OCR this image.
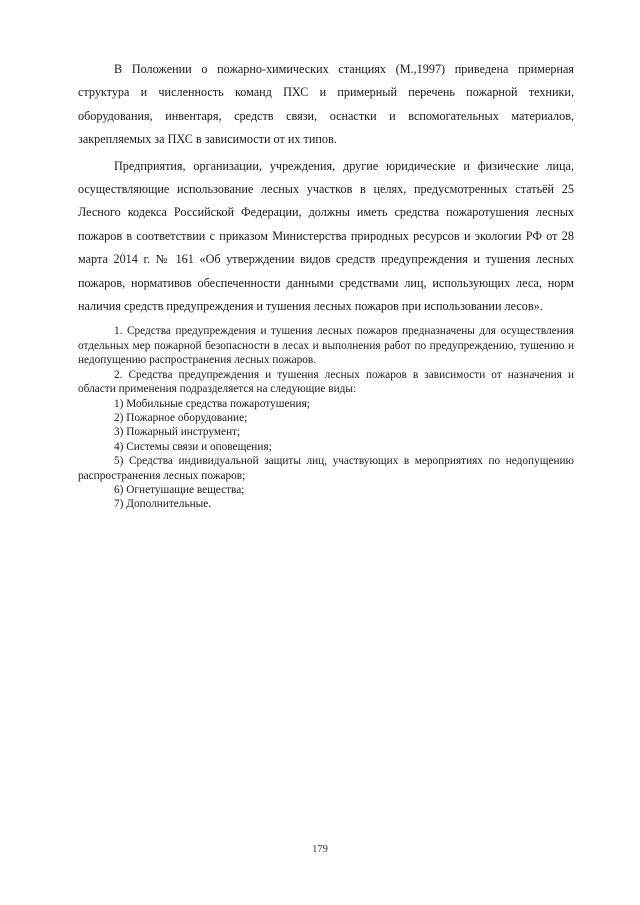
В Положении о пожарно-химических станциях (М.,1997) приведена примерная структура и численность команд ПХС и примерный перечень пожарной техники, оборудования, инвентаря, средств связи, оснастки и вспомогательных материалов, закрепляемых за ПХС в зависимости от их типов.

Предприятия, организации, учреждения, другие юридические и физические лица, осуществляющие использование лесных участков в целях, предусмотренных статьёй 25 Лесного кодекса Российской Федерации, должны иметь средства пожаротушения лесных пожаров в соответствии с приказом Министерства природных ресурсов и экологии РФ от 28 марта 2014 г. № 161 «Об утверждении видов средств предупреждения и тушения лесных пожаров, нормативов обеспеченности данными средствами лиц, использующих леса, норм наличия средств предупреждения и тушения лесных пожаров при использовании лесов».

1. Средства предупреждения и тушения лесных пожаров предназначены для осуществления отдельных мер пожарной безопасности в лесах и выполнения работ по предупреждению, тушению и недопущению распространения лесных пожаров.

2. Средства предупреждения и тушения лесных пожаров в зависимости от назначения и области применения подразделяется на следующие виды:

1) Мобильные средства пожаротушения;

2) Пожарное оборудование;

3) Пожарный инструмент;

4) Системы связи и оповещения;

5) Средства индивидуальной защиты лиц, участвующих в мероприятиях по недопущению распространения лесных пожаров;

6) Огнетушащие вещества;

7) Дополнительные.

179
